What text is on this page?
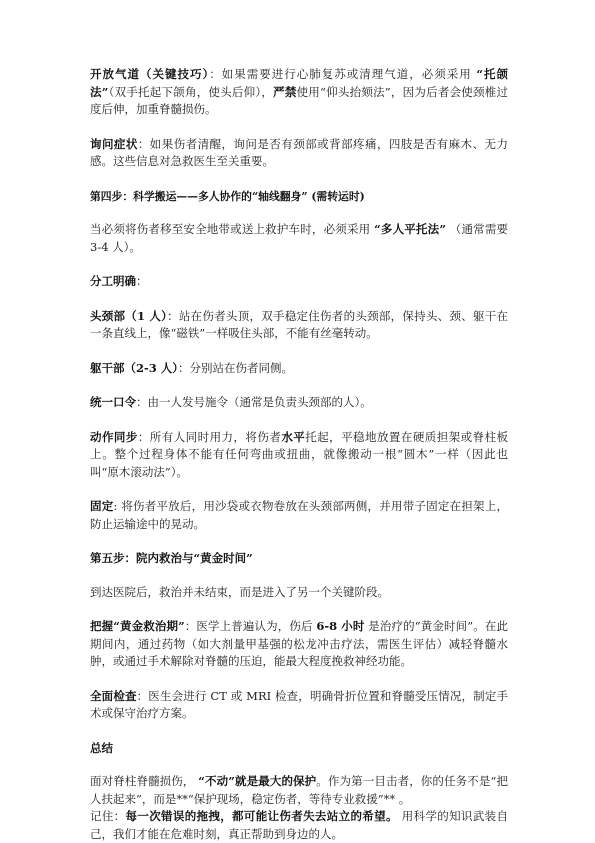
开放气道（关键技巧）：如果需要进行心肺复苏或清理气道，必须采用 “托颌法”（双手托起下颌角，使头后仰），严禁使用“仰头抬颏法”，因为后者会使颈椎过度后伸，加重脊髓损伤。

询问症状：如果伤者清醒，询问是否有颈部或背部疼痛，四肢是否有麻木、无力感。这些信息对急救医生至关重要。

第四步：科学搬运——多人协作的“轴线翻身” (需转运时)

当必须将伤者移至安全地带或送上救护车时，必须采用 “多人平托法” （通常需要 3-4 人）。

分工明确：

头颈部（1 人）：站在伤者头顶，双手稳定住伤者的头颈部，保持头、颈、躯干在一条直线上，像“磁铁”一样吸住头部，不能有丝毫转动。

躯干部（2-3 人）：分别站在伤者同侧。

统一口令：由一人发号施令（通常是负责头颈部的人）。

动作同步：所有人同时用力，将伤者水平托起，平稳地放置在硬质担架或脊柱板上。整个过程身体不能有任何弯曲或扭曲，就像搬动一根“圆木”一样（因此也叫“原木滚动法”）。

固定: 将伤者平放后，用沙袋或衣物卷放在头颈部两侧，并用带子固定在担架上，防止运输途中的晃动。

第五步：院内救治与“黄金时间”

到达医院后，救治并未结束，而是进入了另一个关键阶段。

把握“黄金救治期”：医学上普遍认为，伤后 6-8 小时 是治疗的“黄金时间”。在此期间内，通过药物（如大剂量甲基强的松龙冲击疗法，需医生评估）减轻脊髓水肿，或通过手术解除对脊髓的压迫，能最大程度挽救神经功能。

全面检查：医生会进行 CT 或 MRI 检查，明确骨折位置和脊髓受压情况，制定手术或保守治疗方案。

总结

面对脊柱脊髓损伤， “不动”就是最大的保护。作为第一目击者，你的任务不是“把人扶起来”，而是**“保护现场，稳定伤者，等待专业救援”** 。

记住：每一次错误的拖拽，都可能让伤者失去站立的希望。 用科学的知识武装自己，我们才能在危难时刻，真正帮助到身边的人。
